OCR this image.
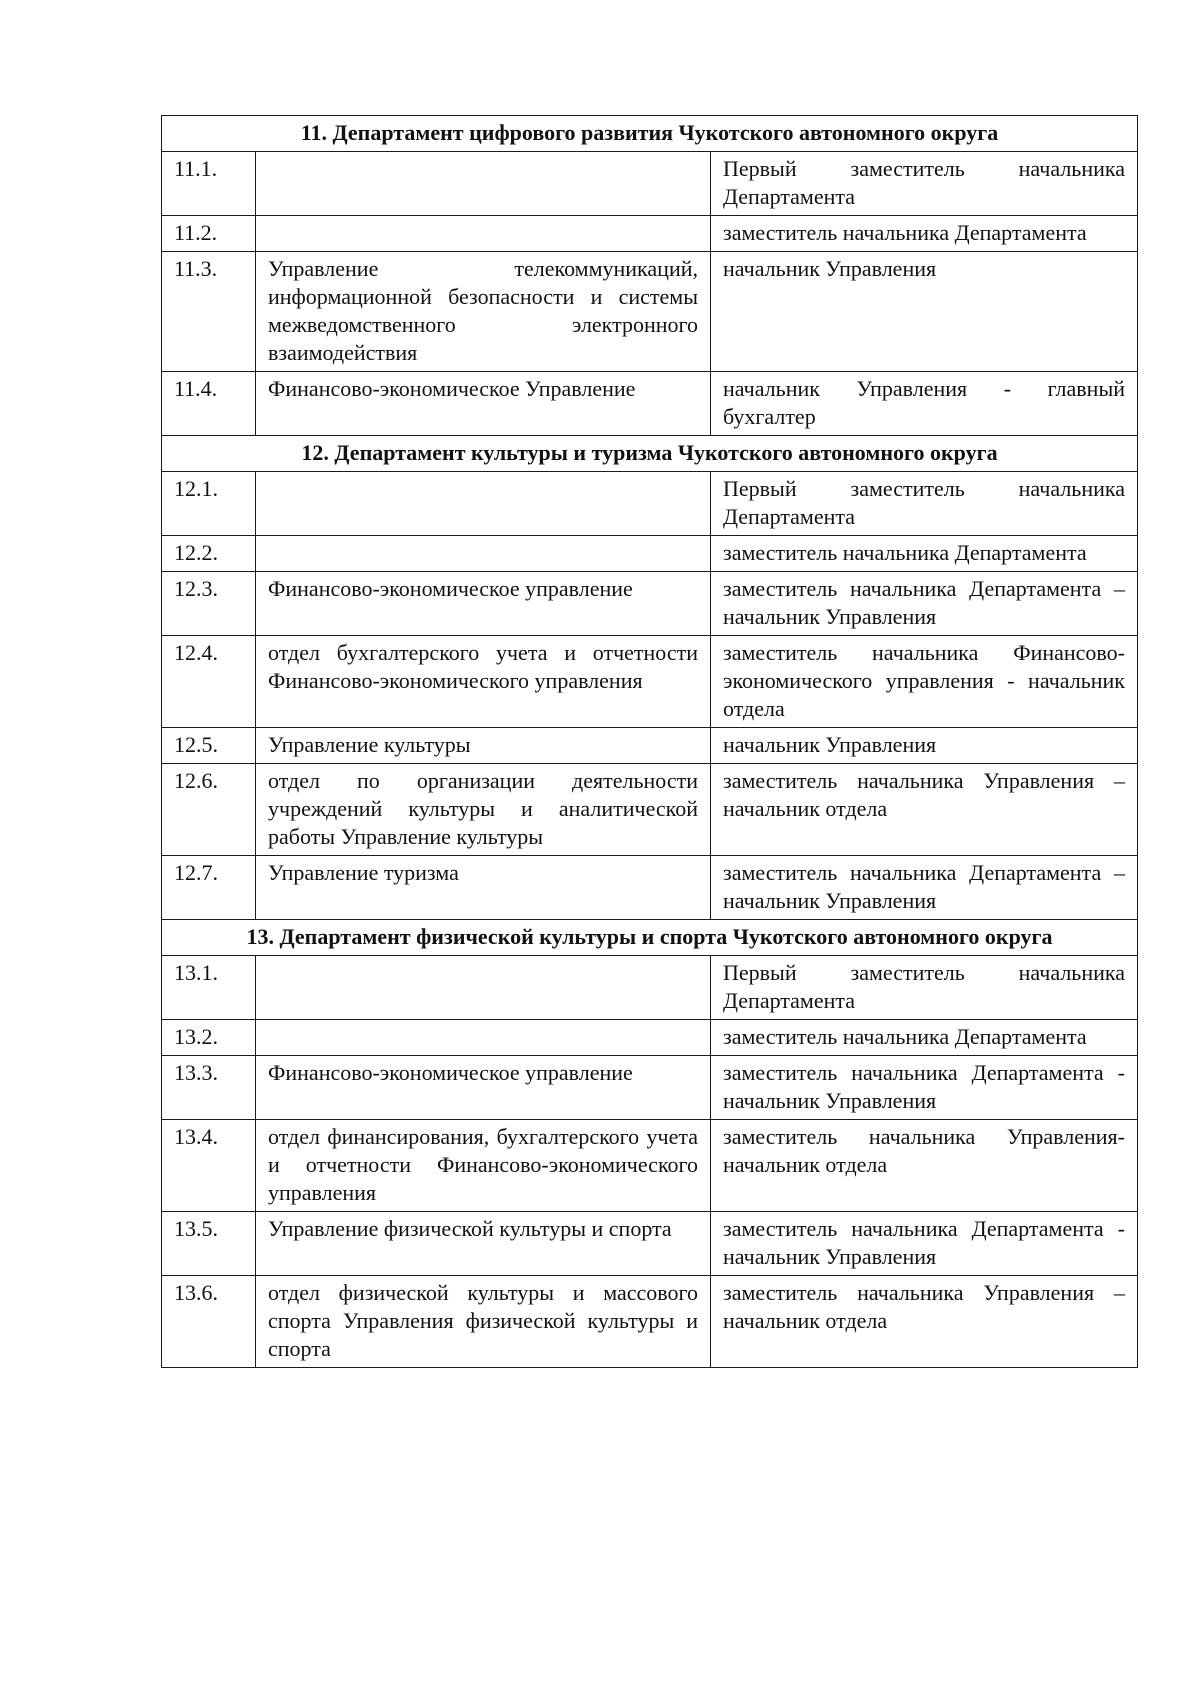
11. Департамент цифрового развития Чукотского автономного округа		
11.1.		Первый заместитель начальника Департамента
11.2.		заместитель начальника Департамента
11.3.	Управление телекоммуникаций, информационной безопасности и системы межведомственного электронного взаимодействия	начальник Управления
11.4.	Финансово-экономическое Управление	начальник Управления - главный бухгалтер
12. Департамент культуры и туризма Чукотского автономного округа		
12.1.		Первый заместитель начальника Департамента
12.2.		заместитель начальника Департамента
12.3.	Финансово-экономическое управление	заместитель начальника Департамента – начальник Управления
12.4.	отдел бухгалтерского учета и отчетности Финансово-экономического управления	заместитель начальника Финансово-экономического управления - начальник отдела
12.5.	Управление культуры	начальник Управления
12.6.	отдел по организации деятельности учреждений культуры и аналитической работы Управление культуры	заместитель начальника Управления – начальник отдела
12.7.	Управление туризма	заместитель начальника Департамента – начальник Управления
13. Департамент физической культуры и спорта Чукотского автономного округа		
13.1.		Первый заместитель начальника Департамента
13.2.		заместитель начальника Департамента
13.3.	Финансово-экономическое управление	заместитель начальника Департамента - начальник Управления
13.4.	отдел финансирования, бухгалтерского учета и отчетности Финансово-экономического управления	заместитель начальника Управления-начальник отдела
13.5.	Управление физической культуры и спорта	заместитель начальника Департамента - начальник Управления
13.6.	отдел физической культуры и массового спорта Управления физической культуры и спорта	заместитель начальника Управления – начальник отдела
